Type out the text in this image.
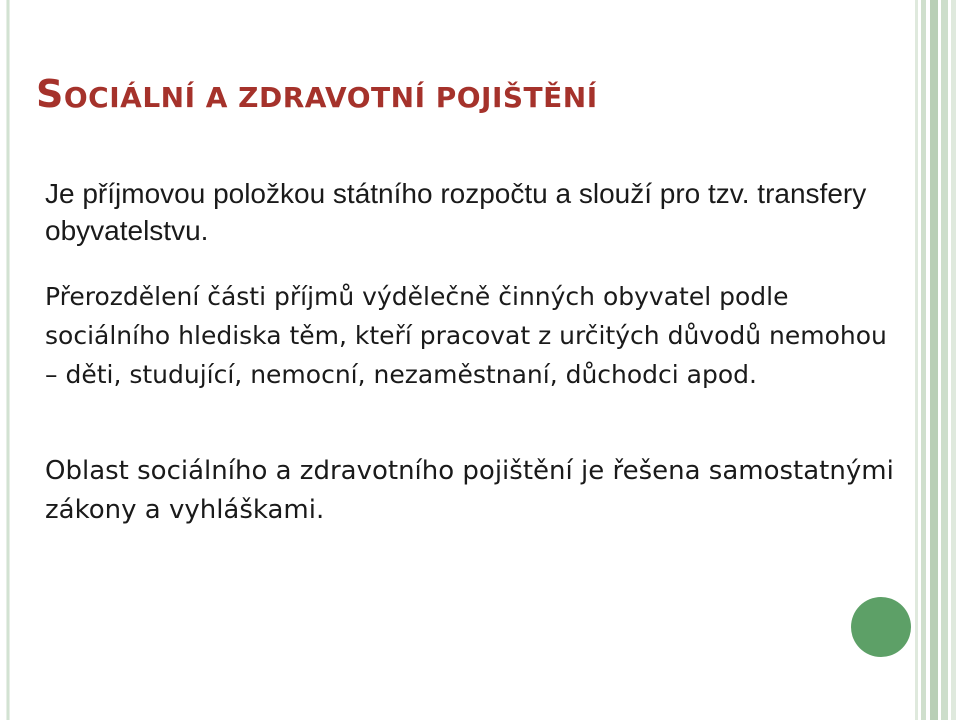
SOCIÁLNÍ A ZDRAVOTNÍ POJIŠTĚNÍ

Je příjmovou položkou státního rozpočtu a slouží pro tzv. transfery obyvatelstvu.

Přerozdělení části příjmů výdělečně činných obyvatel podle sociálního hlediska těm, kteří pracovat z určitých důvodů nemohou – děti, studující, nemocní, nezaměstnaní, důchodci apod.

Oblast sociálního a zdravotního pojištění je řešena samostatnými zákony a vyhláškami.
